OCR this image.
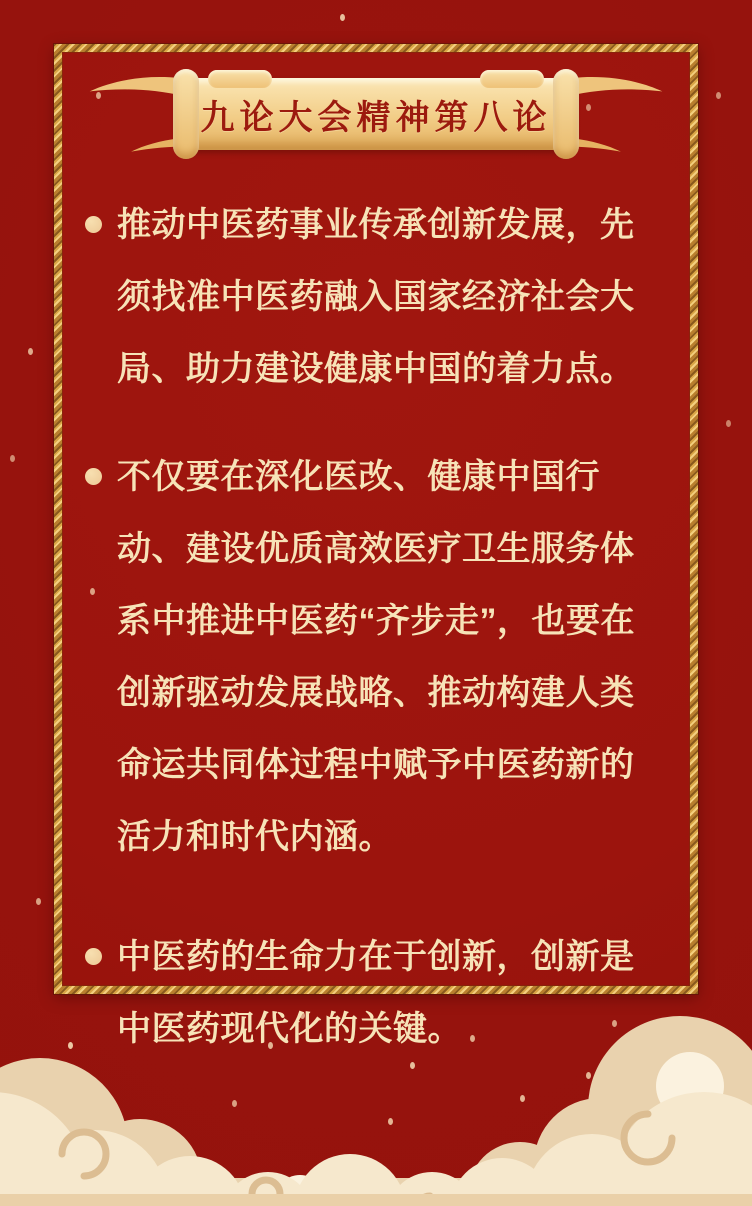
九论大会精神第八论
推动中医药事业传承创新发展，先须找准中医药融入国家经济社会大局、助力建设健康中国的着力点。
不仅要在深化医改、健康中国行动、建设优质高效医疗卫生服务体系中推进中医药“齐步走”，也要在创新驱动发展战略、推动构建人类命运共同体过程中赋予中医药新的活力和时代内涵。
中医药的生命力在于创新，创新是中医药现代化的关键。
